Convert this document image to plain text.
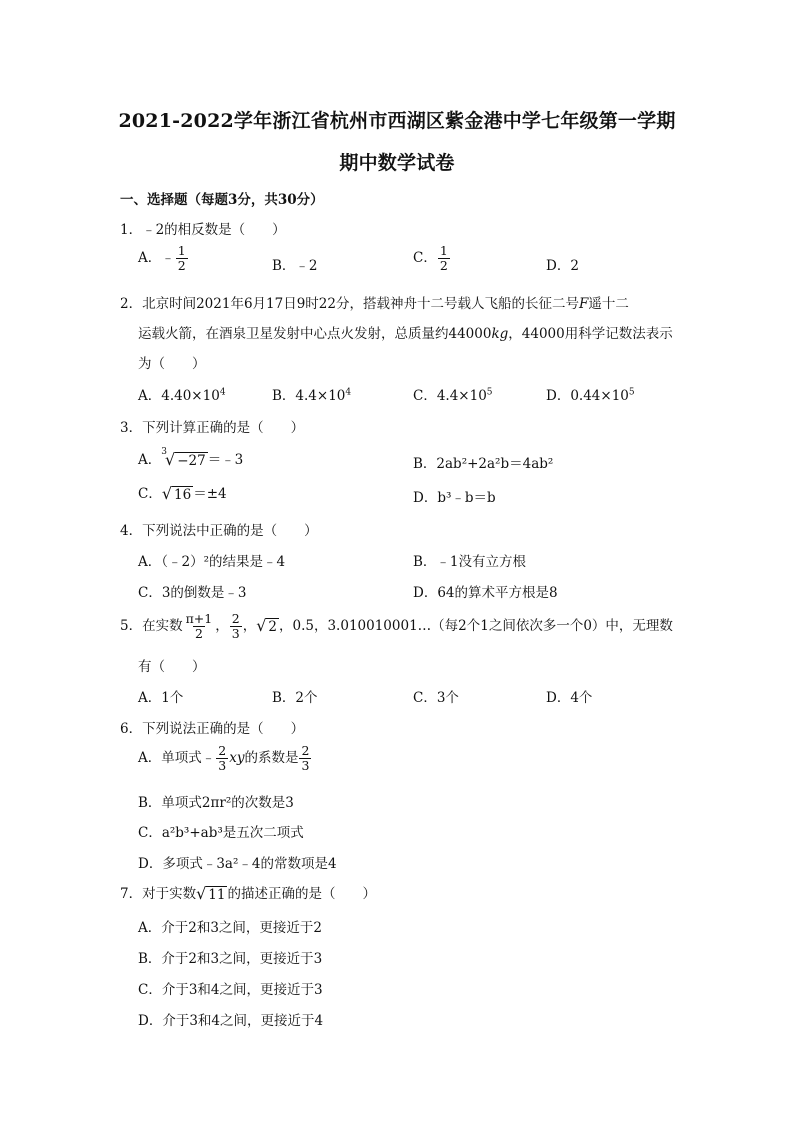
2021-2022学年浙江省杭州市西湖区紫金港中学七年级第一学期
期中数学试卷
一、选择题（每题3分，共30分）
1．﹣2的相反数是（　　）
A．﹣ $\frac{1}{2}$	B．﹣2	C． $\frac{1}{2}$	D．2
2．北京时间2021年6月17日9时22分，搭载神舟十二号载人飞船的长征二号F遥十二
运载火箭，在酒泉卫星发射中心点火发射，总质量约44000kg，44000用科学记数法表示
为（　　）
A．$4.40\times 10^4$	B．$4.4\times 10^4$	C．$4.4\times 10^5$	D．$0.44\times 10^5$
3．下列计算正确的是（　　）
A． 3
√ −27 ＝﹣3	B．2ab²+2a²b＝4ab²
C． √ 16 ＝±4	D．b³﹣b＝b
4．下列说法中正确的是（　　）
A．（﹣2）²的结果是﹣4	B．﹣1没有立方根
C．3的倒数是﹣3	D．64的算术平方根是8
5．在实数 $\frac{\pi+1}{2}$ ， $\frac{2}{3}$ ， √ 2 ，0.5，3.010010001…（每2个1之间依次多一个0）中，无理数
有（　　）
A．1个	B．2个	C．3个	D．4个
6．下列说法正确的是（　　）
A．单项式﹣ $\frac{2}{3}$ xy的系数是 $\frac{2}{3}$
B．单项式2πr²的次数是3
C．a²b³+ab³是五次二项式
D．多项式﹣3a²﹣4的常数项是4
7．对于实数 √ 11 的描述正确的是（　　）
A．介于2和3之间，更接近于2
B．介于2和3之间，更接近于3
C．介于3和4之间，更接近于3
D．介于3和4之间，更接近于4
